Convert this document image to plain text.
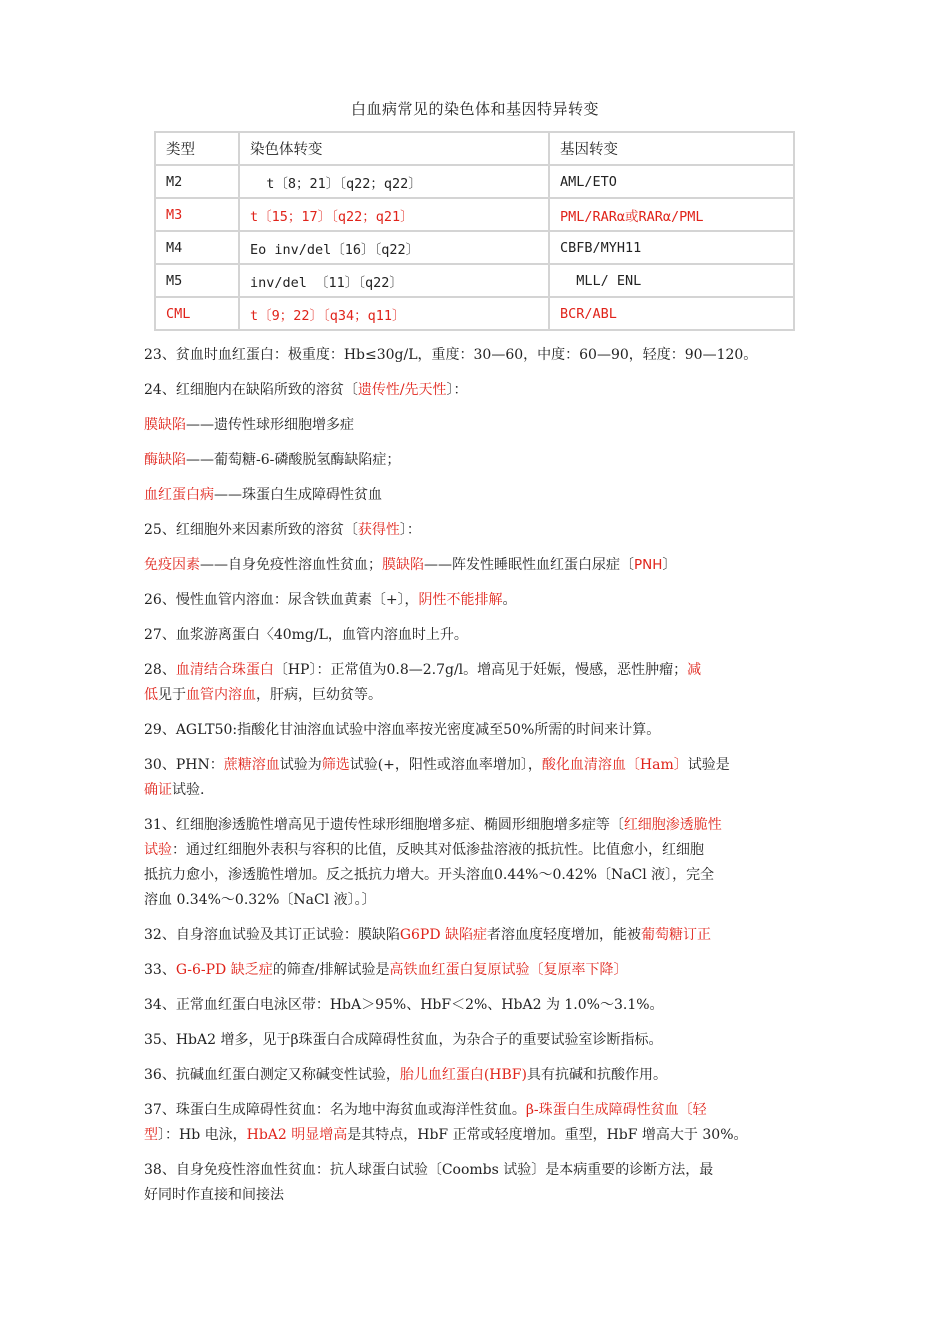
白血病常见的染色体和基因特异转变
类型	染色体转变	基因转变
M2	t〔8；21〕〔q22；q22〕	AML/ETO
M3	t〔15；17〕〔q22；q21〕	PML/RARα或RARα/PML
M4	Eo inv/del〔16〕〔q22〕	CBFB/MYH11
M5	inv/del 〔11〕〔q22〕	MLL/ ENL
CML	t〔9；22〕〔q34；q11〕	BCR/ABL

23、贫血时血红蛋白：极重度：Hb≤30g/L，重度：30—60，中度：60—90，轻度：90—120。

24、红细胞内在缺陷所致的溶贫〔遗传性/先天性〕：

膜缺陷——遗传性球形细胞增多症

酶缺陷——葡萄糖-6-磷酸脱氢酶缺陷症；

血红蛋白病——珠蛋白生成障碍性贫血

25、红细胞外来因素所致的溶贫〔获得性〕：

免疫因素——自身免疫性溶血性贫血；膜缺陷——阵发性睡眠性血红蛋白尿症〔PNH〕

26、慢性血管内溶血：尿含铁血黄素〔+〕，阴性不能排解。

27、血浆游离蛋白〈40mg/L，血管内溶血时上升。

28、血清结合珠蛋白〔HP〕：正常值为0.8—2.7g/l。增高见于妊娠，慢感，恶性肿瘤；减

低见于血管内溶血，肝病，巨幼贫等。

29、AGLT50:指酸化甘油溶血试验中溶血率按光密度减至50%所需的时间来计算。

30、PHN：蔗糖溶血试验为筛选试验(+，阳性或溶血率增加〕，酸化血清溶血〔Ham〕试验是

确证试验.

31、红细胞渗透脆性增高见于遗传性球形细胞增多症、椭圆形细胞增多症等〔红细胞渗透脆性

试验：通过红细胞外表积与容积的比值，反映其对低渗盐溶液的抵抗性。比值愈小，红细胞

抵抗力愈小，渗透脆性增加。反之抵抗力增大。开头溶血0.44%～0.42%〔NaCl 液〕，完全

溶血 0.34%～0.32%〔NaCl 液〕。〕

32、自身溶血试验及其订正试验：膜缺陷G6PD 缺陷症者溶血度轻度增加，能被葡萄糖订正

33、G-6-PD 缺乏症的筛查/排解试验是高铁血红蛋白复原试验〔复原率下降〕

34、正常血红蛋白电泳区带：HbA＞95%、HbF＜2%、HbA2 为 1.0%～3.1%。

35、HbA2 增多，见于β珠蛋白合成障碍性贫血，为杂合子的重要试验室诊断指标。

36、抗碱血红蛋白测定又称碱变性试验，胎儿血红蛋白(HBF)具有抗碱和抗酸作用。

37、珠蛋白生成障碍性贫血：名为地中海贫血或海洋性贫血。β-珠蛋白生成障碍性贫血〔轻

型〕：Hb 电泳，HbA2 明显增高是其特点，HbF 正常或轻度增加。重型，HbF 增高大于 30%。

38、自身免疫性溶血性贫血：抗人球蛋白试验〔Coombs 试验〕是本病重要的诊断方法，最

好同时作直接和间接法
